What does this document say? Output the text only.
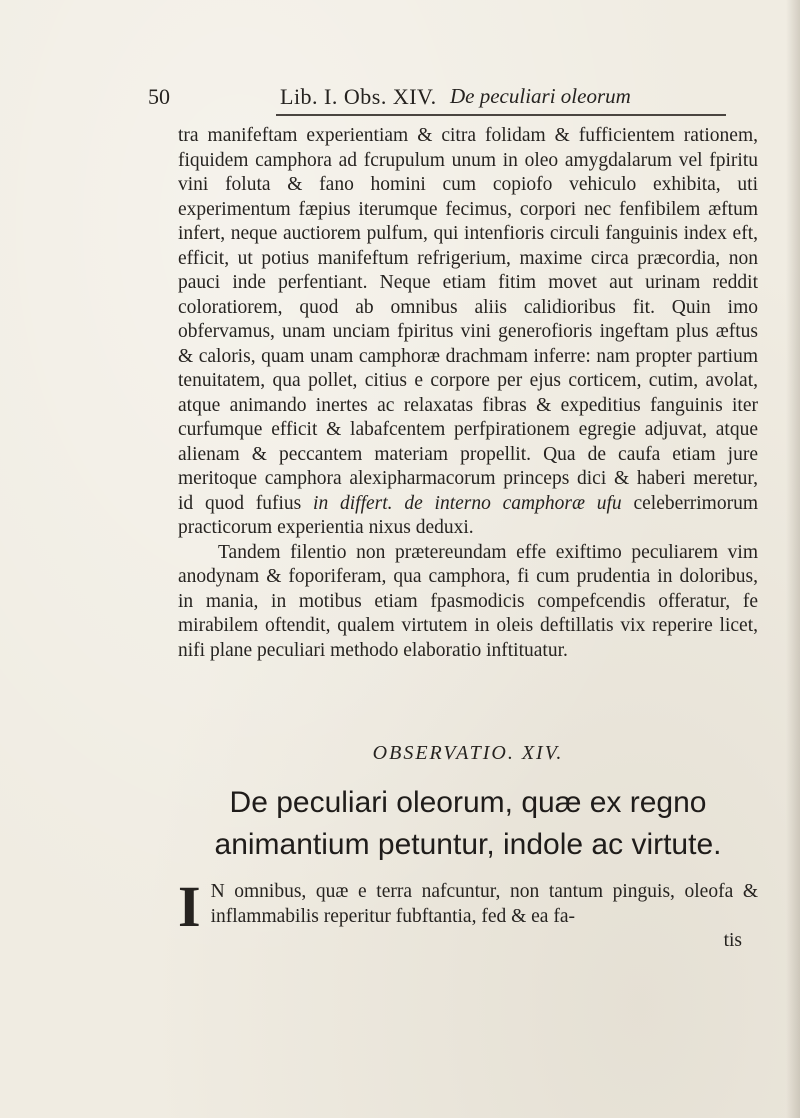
50	Lib. I. Obs. XIV. De peculiari oleorum

tra manifeftam experientiam & citra folidam & fufficientem rationem, fiquidem camphora ad fcrupulum unum in oleo amygdalarum vel fpiritu vini foluta & fano homini cum copiofo vehiculo exhibita, uti experimentum fæpius iterumque fecimus, corpori nec fenfibilem æftum infert, neque auctiorem pulfum, qui intenfioris circuli fanguinis index eft, efficit, ut potius manifeftum refrigerium, maxime circa præcordia, non pauci inde perfentiant. Neque etiam fitim movet aut urinam reddit coloratiorem, quod ab omnibus aliis calidioribus fit. Quin imo obfervamus, unam unciam fpiritus vini generofioris ingeftam plus æftus & caloris, quam unam camphoræ drachmam inferre: nam propter partium tenuitatem, qua pollet, citius e corpore per ejus corticem, cutim, avolat, atque animando inertes ac relaxatas fibras & expeditius fanguinis iter curfumque efficit & labafcentem perfpirationem egregie adjuvat, atque alienam & peccantem materiam propellit. Qua de caufa etiam jure meritoque camphora alexipharmacorum princeps dici & haberi meretur, id quod fufius in differt. de interno camphoræ ufu celeberrimorum practicorum experientia nixus deduxi.

Tandem filentio non prætereundam effe exiftimo peculiarem vim anodynam & foporiferam, qua camphora, fi cum prudentia in doloribus, in mania, in motibus etiam fpasmodicis compefcendis offeratur, fe mirabilem oftendit, qualem virtutem in oleis deftillatis vix reperire licet, nifi plane peculiari methodo elaboratio inftituatur.

OBSERVATIO. XIV.
De peculiari oleorum, quæ ex regno animantium petuntur, indole ac virtute.
I N omnibus, quæ e terra nafcuntur, non tantum pinguis, oleofa & inflammabilis reperitur fubftantia, fed & ea fa-
tis
